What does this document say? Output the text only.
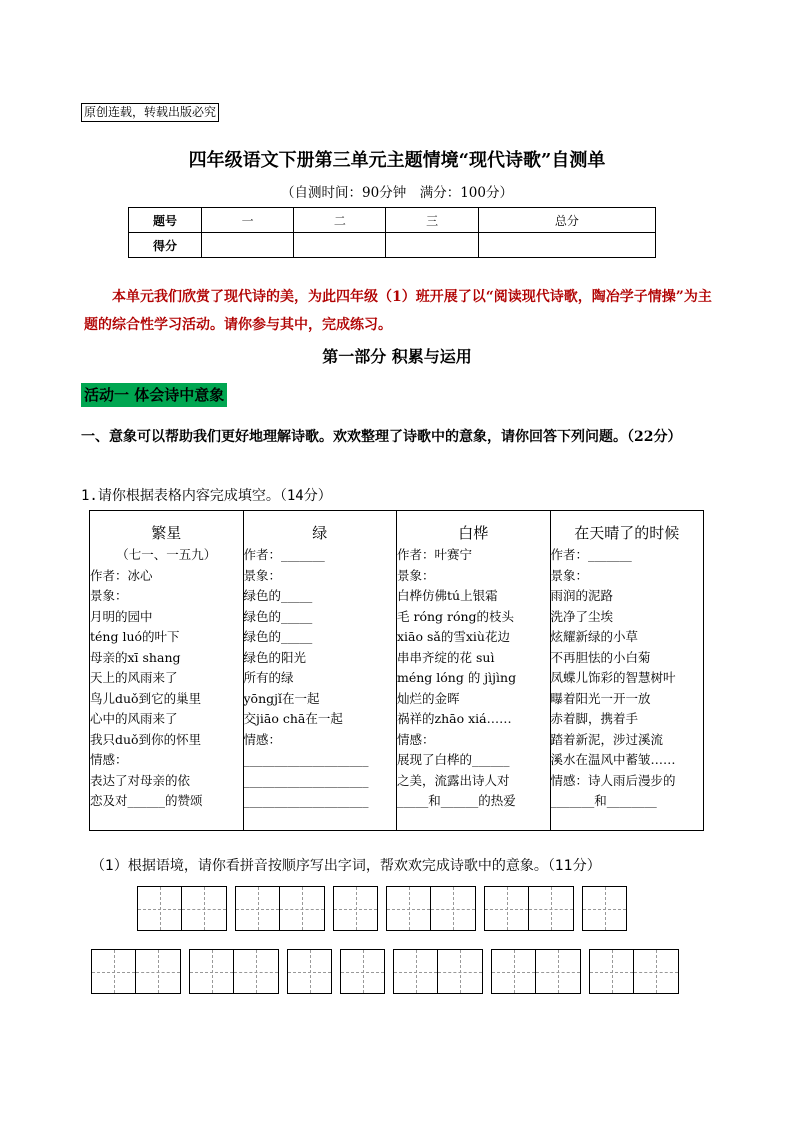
原创连载，转载出版必究
四年级语文下册第三单元主题情境“现代诗歌”自测单
（自测时间：90分钟　满分：100分）
题号	一	二	三	总分
得分				
本单元我们欣赏了现代诗的美，为此四年级（1）班开展了以“阅读现代诗歌，陶冶学子情操”为主题的综合性学习活动。请你参与其中，完成练习。
第一部分 积累与运用
活动一 体会诗中意象
一、意象可以帮助我们更好地理解诗歌。欢欢整理了诗歌中的意象，请你回答下列问题。（22分）
1.请你根据表格内容完成填空。（14分）
繁星
（七一、一五九）
作者：冰心
景象：
月明的园中
téng luó的叶下
母亲的xī shang
天上的风雨来了
鸟儿duǒ到它的巢里
心中的风雨来了
我只duǒ到你的怀里
情感：
表达了对母亲的依
恋及对______的赞颂

绿
作者：_______
景象：
绿色的_____
绿色的_____
绿色的_____
绿色的阳光
所有的绿
yōngjǐ在一起
交jiāo chā在一起
情感：
____________________
____________________
____________________

白桦
作者：叶赛宁
景象：
白桦仿佛tú上银霜
毛 róng róng的枝头
xiāo sǎ的雪xiù花边
串串齐绽的花 suì
méng lóng 的 jìjìng
灿烂的金晖
祸祥的zhāo xiá……
情感：
展现了白桦的______
之美，流露出诗人对
_____和______的热爱

在天晴了的时候
作者：_______
景象：
雨润的泥路
洗净了尘埃
炫耀新绿的小草
不再胆怯的小白菊
凤蝶儿饰彩的智慧树叶
曝着阳光一开一放
赤着脚，携着手
踏着新泥，涉过溪流
溪水在温风中蓄皱……
情感：诗人雨后漫步的
_______和________
（1）根据语境，请你看拼音按顺序写出字词，帮欢欢完成诗歌中的意象。（11分）
